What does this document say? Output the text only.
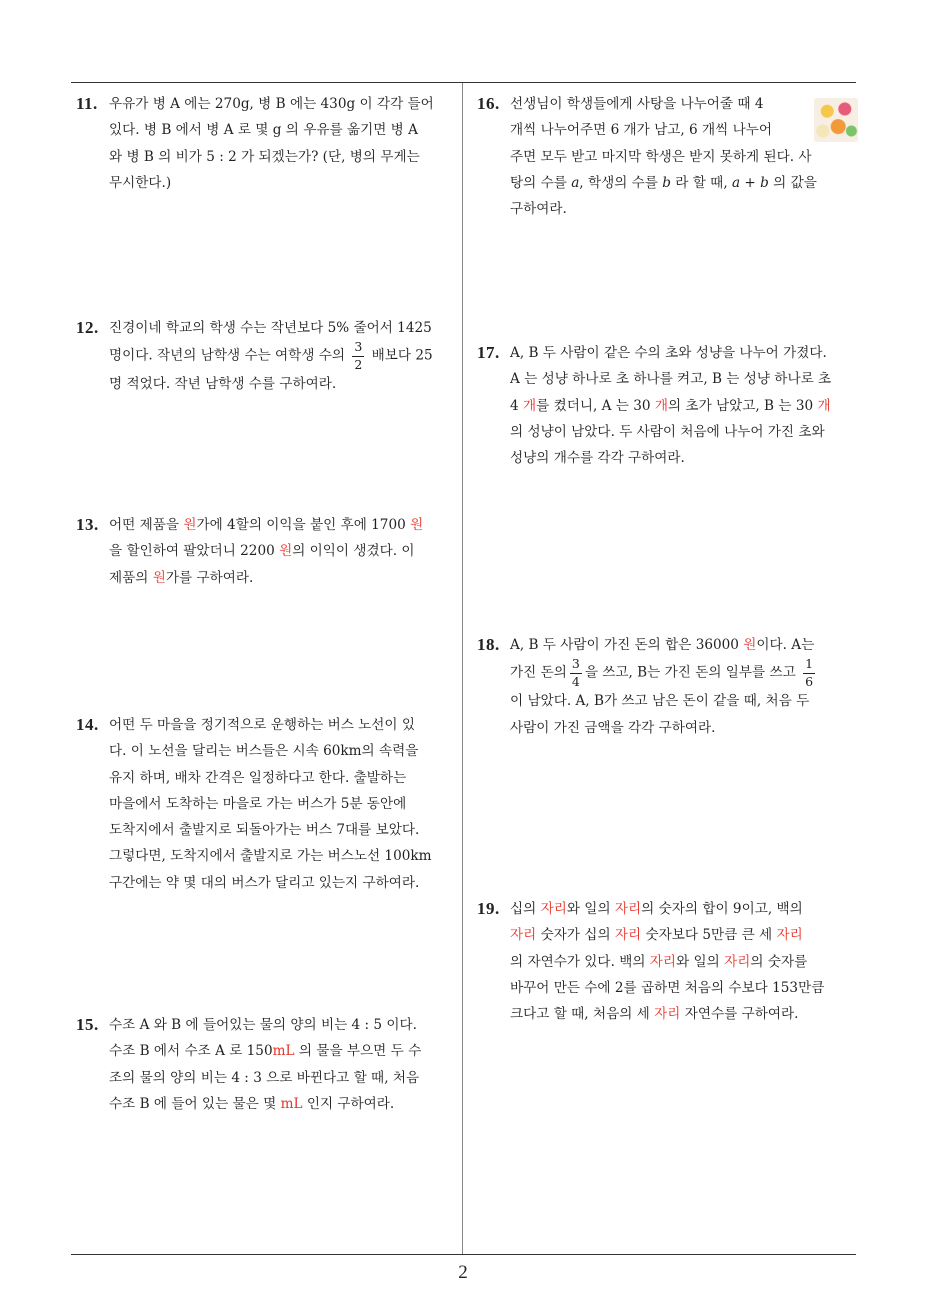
11. 우유가 병 A 에는 270g, 병 B 에는 430g 이 각각 들어
있다. 병 B 에서 병 A 로 몇 g 의 우유를 옮기면 병 A
와 병 B 의 비가 5 : 2 가 되겠는가? (단, 병의 무게는
무시한다.)
12. 진경이네 학교의 학생 수는 작년보다 5% 줄어서 1425
명이다. 작년의 남학생 수는 여학생 수의 $\frac{3}{2}$ 배보다 25
명 적었다. 작년 남학생 수를 구하여라.
13. 어떤 제품을 원가에 4할의 이익을 붙인 후에 1700 원
을 할인하여 팔았더니 2200 원의 이익이 생겼다. 이
제품의 원가를 구하여라.
14. 어떤 두 마을을 정기적으로 운행하는 버스 노선이 있
다. 이 노선을 달리는 버스들은 시속 60km의 속력을
유지 하며, 배차 간격은 일정하다고 한다. 출발하는
마을에서 도착하는 마을로 가는 버스가 5분 동안에
도착지에서 출발지로 되돌아가는 버스 7대를 보았다.
그렇다면, 도착지에서 출발지로 가는 버스노선 100km
구간에는 약 몇 대의 버스가 달리고 있는지 구하여라.
15. 수조 A 와 B 에 들어있는 물의 양의 비는 4 : 5 이다.
수조 B 에서 수조 A 로 150mL 의 물을 부으면 두 수
조의 물의 양의 비는 4 : 3 으로 바뀐다고 할 때, 처음
수조 B 에 들어 있는 물은 몇 mL 인지 구하여라.
16. 선생님이 학생들에게 사탕을 나누어줄 때 4
개씩 나누어주면 6 개가 남고, 6 개씩 나누어
주면 모두 받고 마지막 학생은 받지 못하게 된다. 사
탕의 수를 a, 학생의 수를 b 라 할 때, a + b 의 값을
구하여라.
17. A, B 두 사람이 같은 수의 초와 성냥을 나누어 가졌다.
A 는 성냥 하나로 초 하나를 켜고, B 는 성냥 하나로 초
4 개를 켰더니, A 는 30 개의 초가 남았고, B 는 30 개
의 성냥이 남았다. 두 사람이 처음에 나누어 가진 초와
성냥의 개수를 각각 구하여라.
18. A, B 두 사람이 가진 돈의 합은 36000 원이다. A는
가진 돈의 $\frac{3}{4}$ 을 쓰고, B는 가진 돈의 일부를 쓰고 $\frac{1}{6}$
이 남았다. A, B가 쓰고 남은 돈이 같을 때, 처음 두
사람이 가진 금액을 각각 구하여라.
19. 십의 자리와 일의 자리의 숫자의 합이 9이고, 백의
자리 숫자가 십의 자리 숫자보다 5만큼 큰 세 자리
의 자연수가 있다. 백의 자리와 일의 자리의 숫자를
바꾸어 만든 수에 2를 곱하면 처음의 수보다 153만큼
크다고 할 때, 처음의 세 자리 자연수를 구하여라.
2
